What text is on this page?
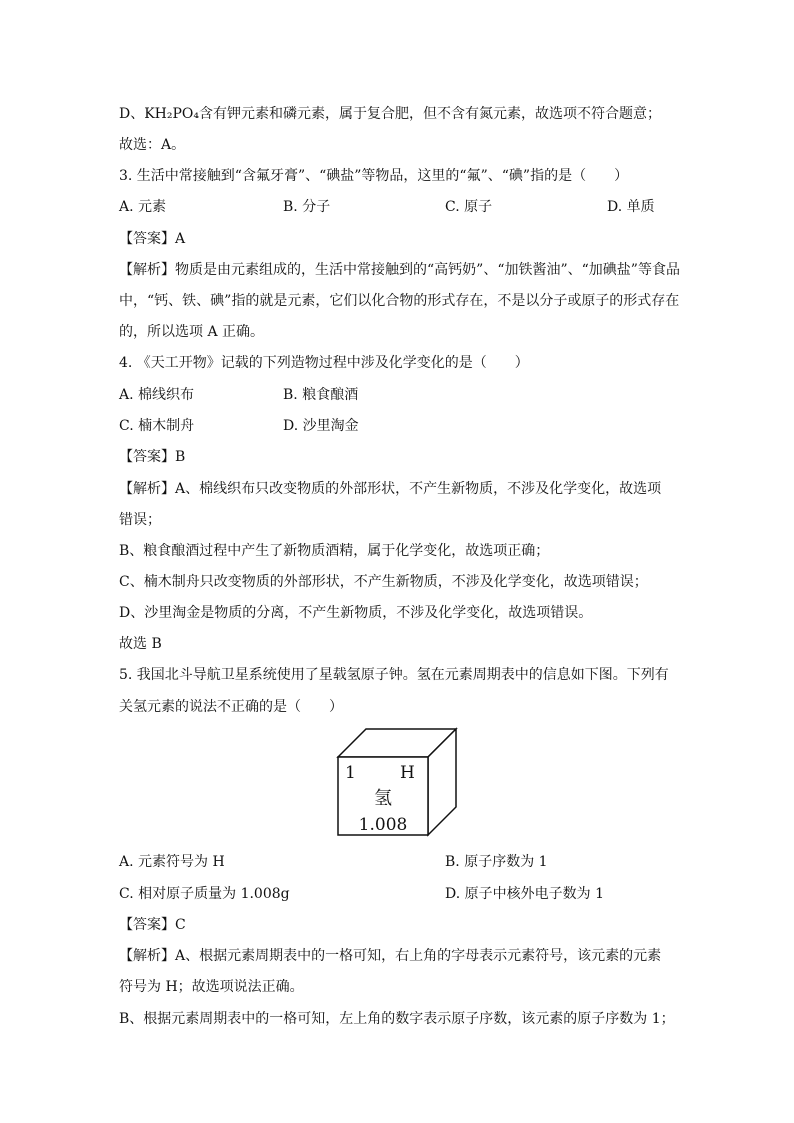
D、KH₂PO₄含有钾元素和磷元素，属于复合肥，但不含有氮元素，故选项不符合题意；
故选：A。
3. 生活中常接触到“含氟牙膏”、“碘盐”等物品，这里的“氟”、“碘”指的是（　　）
A. 元素	B. 分子	C. 原子	D. 单质
【答案】A
【解析】物质是由元素组成的，生活中常接触到的“高钙奶”、“加铁酱油”、“加碘盐”等食品
中，“钙、铁、碘”指的就是元素，它们以化合物的形式存在，不是以分子或原子的形式存在
的，所以选项 A 正确。
4. 《天工开物》记载的下列造物过程中涉及化学变化的是（　　）
A. 棉线织布	B. 粮食酿酒
C. 楠木制舟	D. 沙里淘金
【答案】B
【解析】A、棉线织布只改变物质的外部形状，不产生新物质，不涉及化学变化，故选项
错误；
B、粮食酿酒过程中产生了新物质酒精，属于化学变化，故选项正确；
C、楠木制舟只改变物质的外部形状，不产生新物质，不涉及化学变化，故选项错误；
D、沙里淘金是物质的分离，不产生新物质，不涉及化学变化，故选项错误。
故选 B
5. 我国北斗导航卫星系统使用了星载氢原子钟。氢在元素周期表中的信息如下图。下列有
关氢元素的说法不正确的是（　　）
1	H
氢
1.008
A. 元素符号为 H	B. 原子序数为 1
C. 相对原子质量为 1.008g	D. 原子中核外电子数为 1
【答案】C
【解析】A、根据元素周期表中的一格可知，右上角的字母表示元素符号，该元素的元素
符号为 H；故选项说法正确。
B、根据元素周期表中的一格可知，左上角的数字表示原子序数，该元素的原子序数为 1；
